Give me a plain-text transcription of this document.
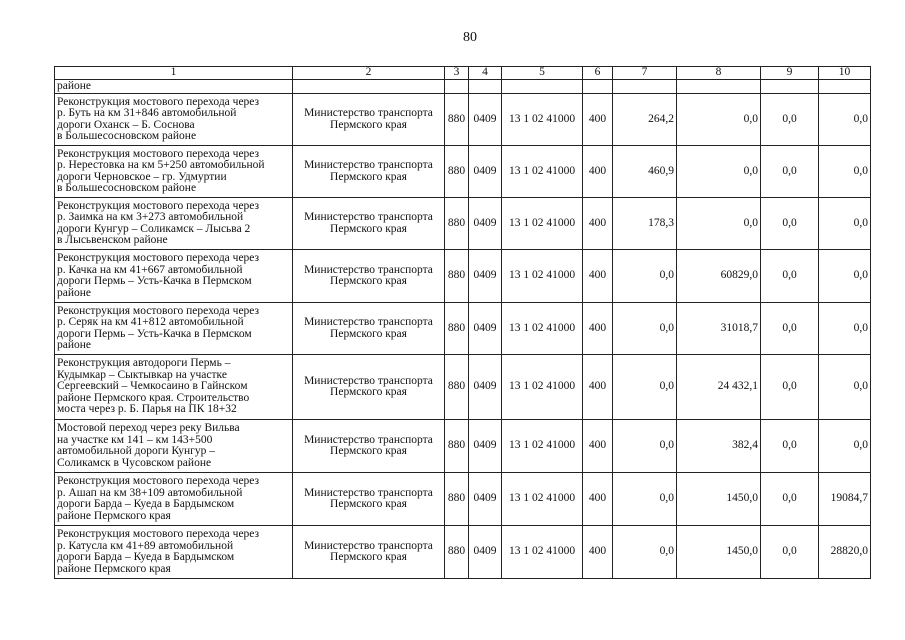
80
1	2	3	4	5	6	7	8	9	10
районе									

Реконструкция мостового перехода через
р. Буть на км 31+846 автомобильной
дороги Оханск – Б. Соснова
в Большесосновском районе	Министерство транспорта
Пермского края	880	0409	13 1 02 41000	400	264,2	0,0	0,0	0,0

Реконструкция мостового перехода через
р. Нерестовка на км 5+250 автомобильной
дороги Черновское – гр. Удмуртии
в Большесосновском районе	Министерство транспорта
Пермского края	880	0409	13 1 02 41000	400	460,9	0,0	0,0	0,0

Реконструкция мостового перехода через
р. Заимка на км 3+273 автомобильной
дороги Кунгур – Соликамск – Лысьва 2
в Лысьвенском районе	Министерство транспорта
Пермского края	880	0409	13 1 02 41000	400	178,3	0,0	0,0	0,0

Реконструкция мостового перехода через
р. Качка на км 41+667 автомобильной
дороги Пермь – Усть-Качка в Пермском
районе	Министерство транспорта
Пермского края	880	0409	13 1 02 41000	400	0,0	60829,0	0,0	0,0

Реконструкция мостового перехода через
р. Серяк на км 41+812 автомобильной
дороги Пермь – Усть-Качка в Пермском
районе	Министерство транспорта
Пермского края	880	0409	13 1 02 41000	400	0,0	31018,7	0,0	0,0

Реконструкция автодороги Пермь –
Кудымкар – Сыктывкар на участке
Сергеевский – Чемкосаино в Гайнском
районе Пермского края. Строительство
моста через р. Б. Парья на ПК 18+32	Министерство транспорта
Пермского края	880	0409	13 1 02 41000	400	0,0	24 432,1	0,0	0,0

Мостовой переход через реку Вильва
на участке км 141 – км 143+500
автомобильной дороги Кунгур –
Соликамск в Чусовском районе	Министерство транспорта
Пермского края	880	0409	13 1 02 41000	400	0,0	382,4	0,0	0,0

Реконструкция мостового перехода через
р. Ашап на км 38+109 автомобильной
дороги Барда – Куеда в Бардымском
районе Пермского края	Министерство транспорта
Пермского края	880	0409	13 1 02 41000	400	0,0	1450,0	0,0	19084,7

Реконструкция мостового перехода через
р. Катусла км 41+89 автомобильной
дороги Барда – Куеда в Бардымском
районе Пермского края	Министерство транспорта
Пермского края	880	0409	13 1 02 41000	400	0,0	1450,0	0,0	28820,0
